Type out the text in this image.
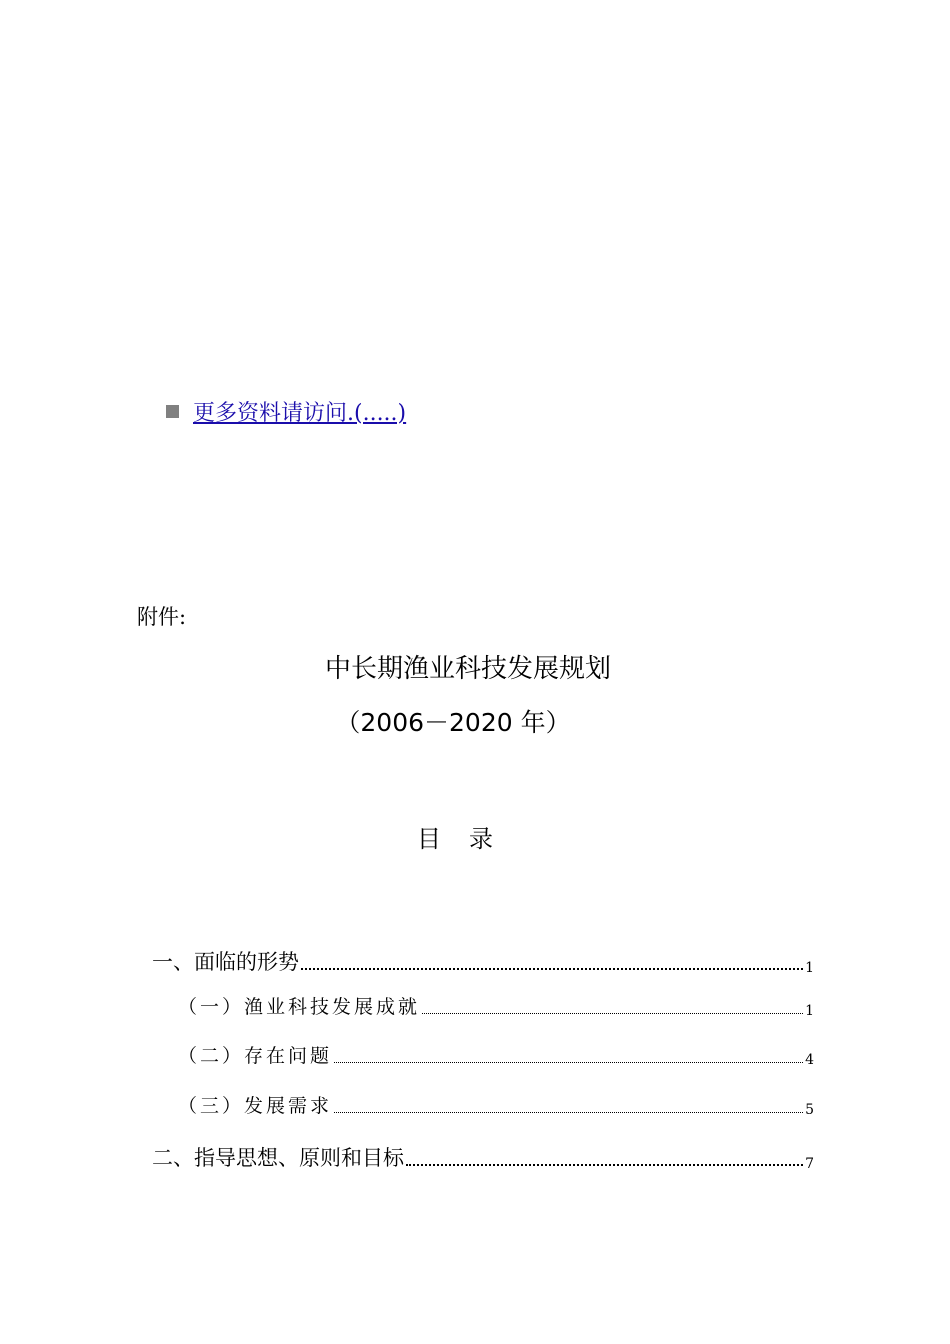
更多资料请访问.(.....)
附件:
中长期渔业科技发展规划
（2006－2020 年）
目录
一、面临的形势	1
（一）渔业科技发展成就	1
（二）存在问题	4
（三）发展需求	5
二、指导思想、原则和目标	7
